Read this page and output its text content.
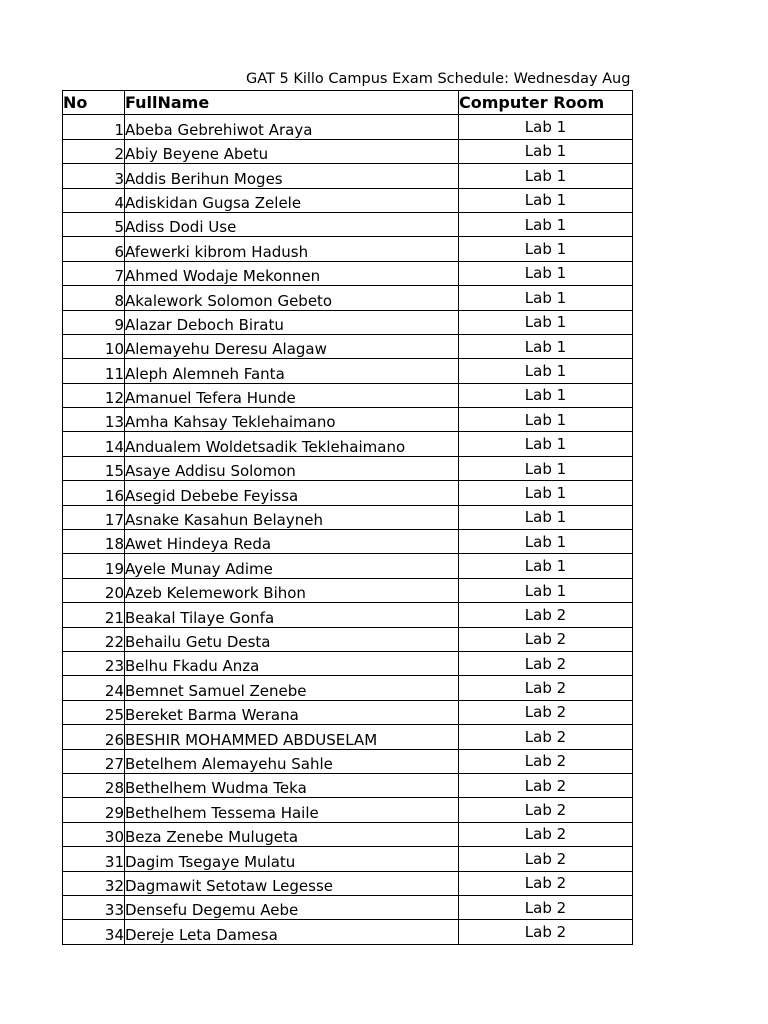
GAT 5 Killo Campus Exam Schedule: Wednesday Aug
No	FullName	Computer Room
1	Abeba Gebrehiwot Araya	Lab 1
2	Abiy Beyene Abetu	Lab 1
3	Addis Berihun Moges	Lab 1
4	Adiskidan Gugsa Zelele	Lab 1
5	Adiss Dodi Use	Lab 1
6	Afewerki kibrom Hadush	Lab 1
7	Ahmed Wodaje Mekonnen	Lab 1
8	Akalework Solomon Gebeto	Lab 1
9	Alazar Deboch Biratu	Lab 1
10	Alemayehu Deresu Alagaw	Lab 1
11	Aleph Alemneh Fanta	Lab 1
12	Amanuel Tefera Hunde	Lab 1
13	Amha Kahsay Teklehaimano	Lab 1
14	Andualem Woldetsadik Teklehaimano	Lab 1
15	Asaye Addisu Solomon	Lab 1
16	Asegid Debebe Feyissa	Lab 1
17	Asnake Kasahun Belayneh	Lab 1
18	Awet Hindeya Reda	Lab 1
19	Ayele Munay Adime	Lab 1
20	Azeb Kelemework Bihon	Lab 1
21	Beakal Tilaye Gonfa	Lab 2
22	Behailu Getu Desta	Lab 2
23	Belhu Fkadu Anza	Lab 2
24	Bemnet Samuel Zenebe	Lab 2
25	Bereket Barma Werana	Lab 2
26	BESHIR MOHAMMED ABDUSELAM	Lab 2
27	Betelhem Alemayehu Sahle	Lab 2
28	Bethelhem Wudma Teka	Lab 2
29	Bethelhem Tessema Haile	Lab 2
30	Beza Zenebe Mulugeta	Lab 2
31	Dagim Tsegaye Mulatu	Lab 2
32	Dagmawit Setotaw Legesse	Lab 2
33	Densefu Degemu Aebe	Lab 2
34	Dereje Leta Damesa	Lab 2
